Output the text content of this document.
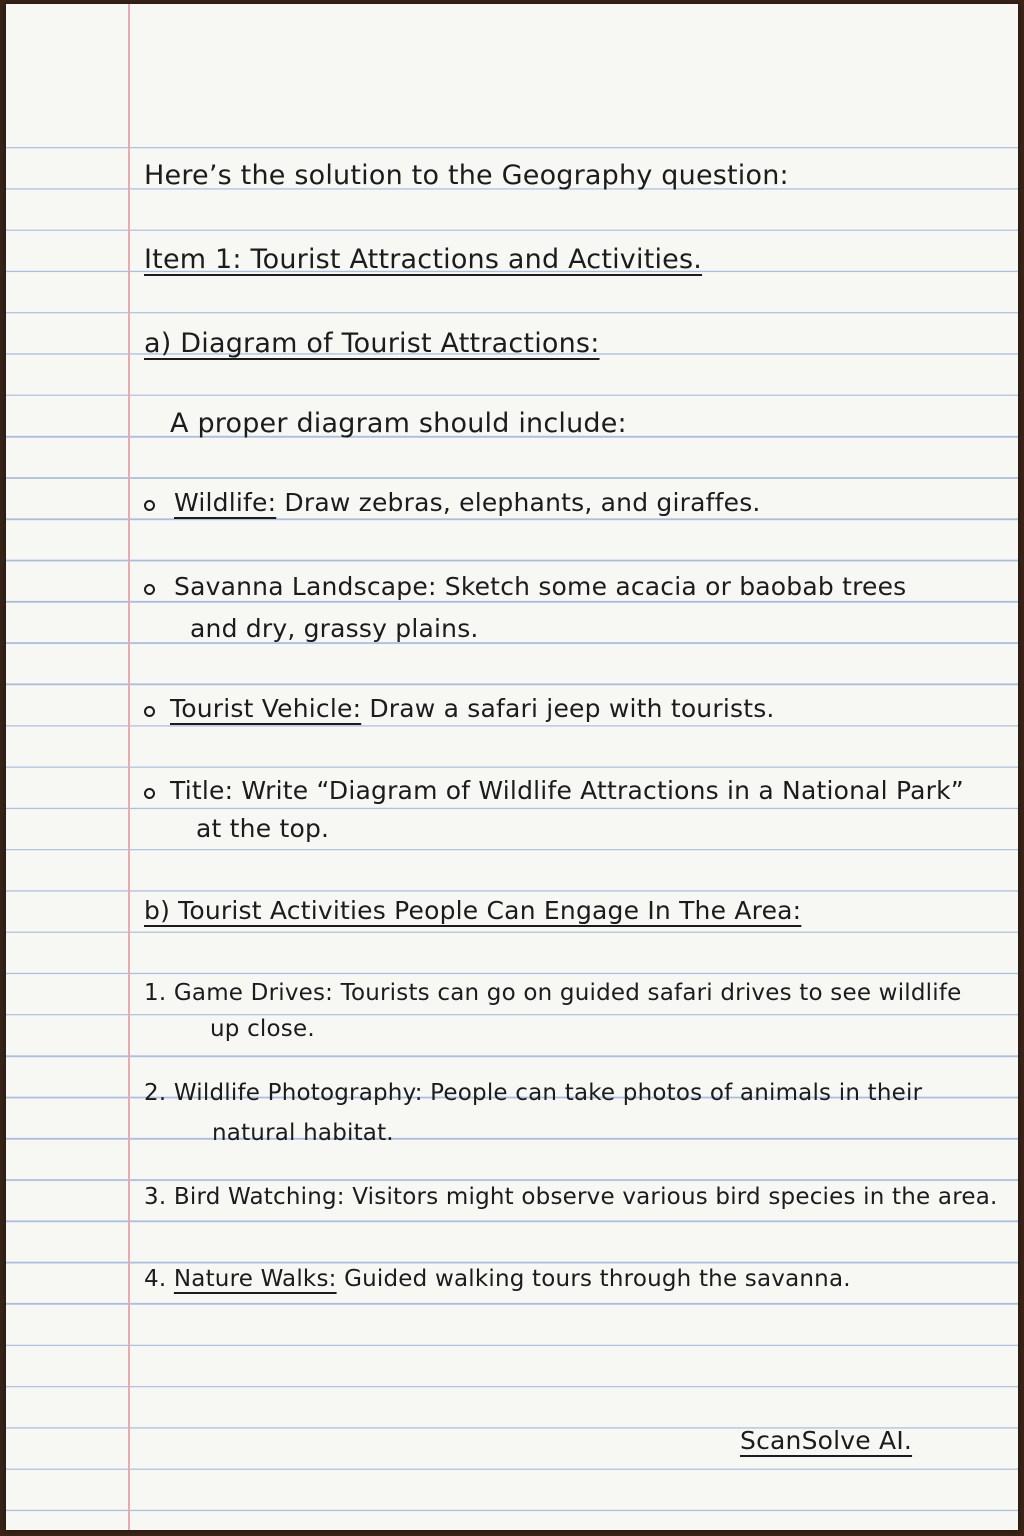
Here’s the solution to the Geography question:
Item 1: Tourist Attractions and Activities.
a) Diagram of Tourist Attractions:
A proper diagram should include:
Wildlife: Draw zebras, elephants, and giraffes.
Savanna Landscape: Sketch some acacia or baobab trees
and dry, grassy plains.
Tourist Vehicle: Draw a safari jeep with tourists.
Title: Write “Diagram of Wildlife Attractions in a National Park”
at the top.
b) Tourist Activities People Can Engage In The Area:
1. Game Drives: Tourists can go on guided safari drives to see wildlife
up close.
2. Wildlife Photography: People can take photos of animals in their
natural habitat.
3. Bird Watching: Visitors might observe various bird species in the area.
4. Nature Walks: Guided walking tours through the savanna.
ScanSolve AI.
